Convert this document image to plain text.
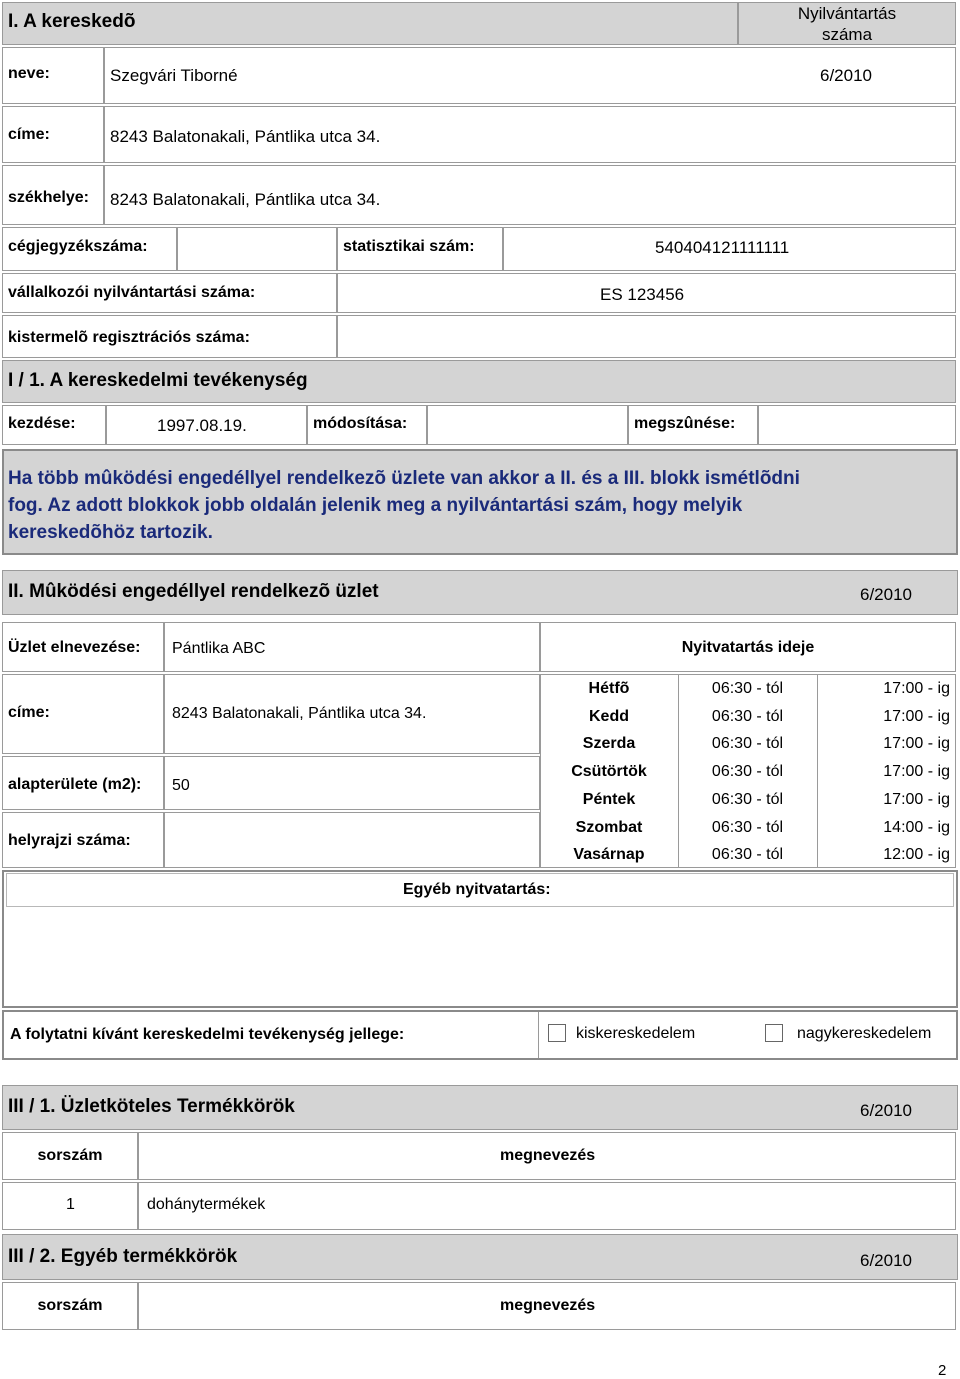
I. A kereskedõ	Nyilvántartás
száma
neve:	Szegvári Tiborné	6/2010
címe:	8243 Balatonakali, Pántlika utca 34.
székhelye: 8243 Balatonakali, Pántlika utca 34.
cégjegyzékszáma:	statisztikai szám:	540404121111111
vállalkozói nyilvántartási száma:	ES 123456
kistermelõ regisztrációs száma:
I / 1. A kereskedelmi tevékenység
kezdése:	1997.08.19.	módosítása:	megszûnése:
Ha több mûködési engedéllyel rendelkezõ üzlete van akkor a II. és a III. blokk ismétlõdni
fog. Az adott blokkok jobb oldalán jelenik meg a nyilvántartási szám, hogy melyik
kereskedõhöz tartozik.
II. Mûködési engedéllyel rendelkezõ üzlet	6/2010
Üzlet elnevezése: Pántlika ABC	Nyitvatartás ideje
címe:	8243 Balatonakali, Pántlika utca 34.
alapterülete (m2): 50
helyrajzi száma:
Hétfõ	06:30 - tól	17:00 - ig
Kedd	06:30 - tól	17:00 - ig
Szerda	06:30 - tól	17:00 - ig
Csütörtök	06:30 - tól	17:00 - ig
Péntek	06:30 - tól	17:00 - ig
Szombat	06:30 - tól	14:00 - ig
Vasárnap	06:30 - tól	12:00 - ig
Egyéb nyitvatartás:
A folytatni kívánt kereskedelmi tevékenység jellege:	kiskereskedelem	nagykereskedelem
III / 1. Üzletköteles Termékkörök	6/2010
sorszám	megnevezés
1	dohánytermékek
III / 2. Egyéb termékkörök	6/2010
sorszám	megnevezés
2
